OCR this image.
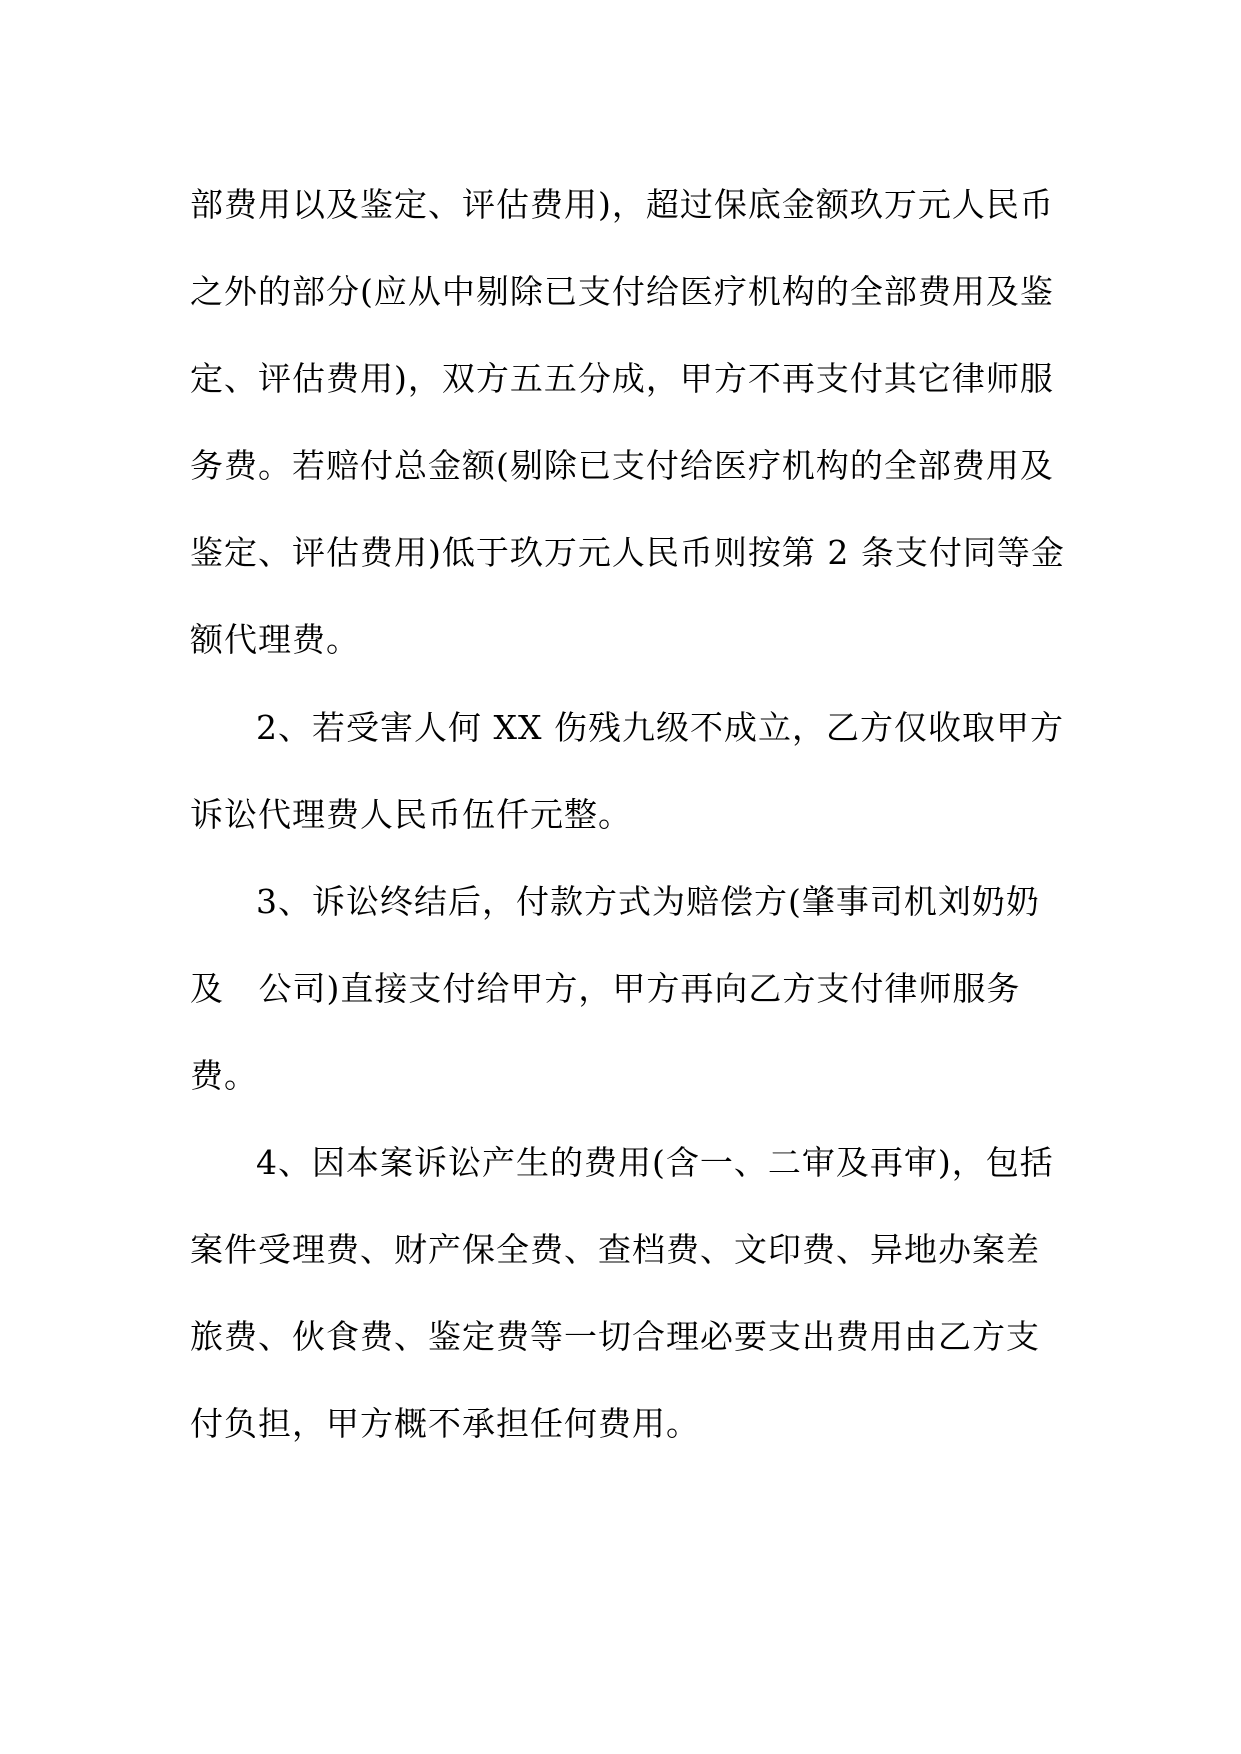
部费用以及鉴定、评估费用)，超过保底金额玖万元人民币
之外的部分(应从中剔除已支付给医疗机构的全部费用及鉴
定、评估费用)，双方五五分成，甲方不再支付其它律师服
务费。若赔付总金额(剔除已支付给医疗机构的全部费用及
鉴定、评估费用)低于玖万元人民币则按第 2 条支付同等金
额代理费。
2、若受害人何 XX 伤残九级不成立，乙方仅收取甲方
诉讼代理费人民币伍仟元整。
3、诉讼终结后，付款方式为赔偿方(肇事司机刘奶奶
及   公司)直接支付给甲方，甲方再向乙方支付律师服务
费。
4、因本案诉讼产生的费用(含一、二审及再审)，包括
案件受理费、财产保全费、查档费、文印费、异地办案差
旅费、伙食费、鉴定费等一切合理必要支出费用由乙方支
付负担，甲方概不承担任何费用。
